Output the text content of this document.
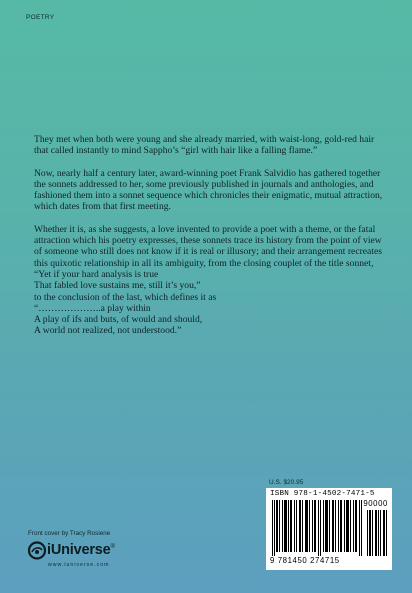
POETRY

They met when both were young and she already married, with waist-long, gold-red hair that called instantly to mind Sappho’s “girl with hair like a falling flame.”

Now, nearly half a century later, award-winning poet Frank Salvidio has gathered together the sonnets addressed to her, some previously published in journals and anthologies, and fashioned them into a sonnet sequence which chronicles their enigmatic, mutual attraction, which dates from that first meeting.

Whether it is, as she suggests, a love invented to provide a poet with a theme, or the fatal attraction which his poetry expresses, these sonnets trace its history from the point of view of someone who still does not know if it is real or illusory; and their arrangement recreates this quixotic relationship in all its ambiguity, from the closing couplet of the title sonnet,
“Yet if your hard analysis is true
That fabled love sustains me, still it’s you,”
to the conclusion of the last, which defines it as
“………………..a play within
A play of ifs and buts, of would and should,
A world not realized, not understood.”
U.S. $20.95
ISBN 978-1-4502-7471-5
90000
9 781450 274715
Front cover by Tracy Rosiene
iUniverse®
www.iuniverse.com
